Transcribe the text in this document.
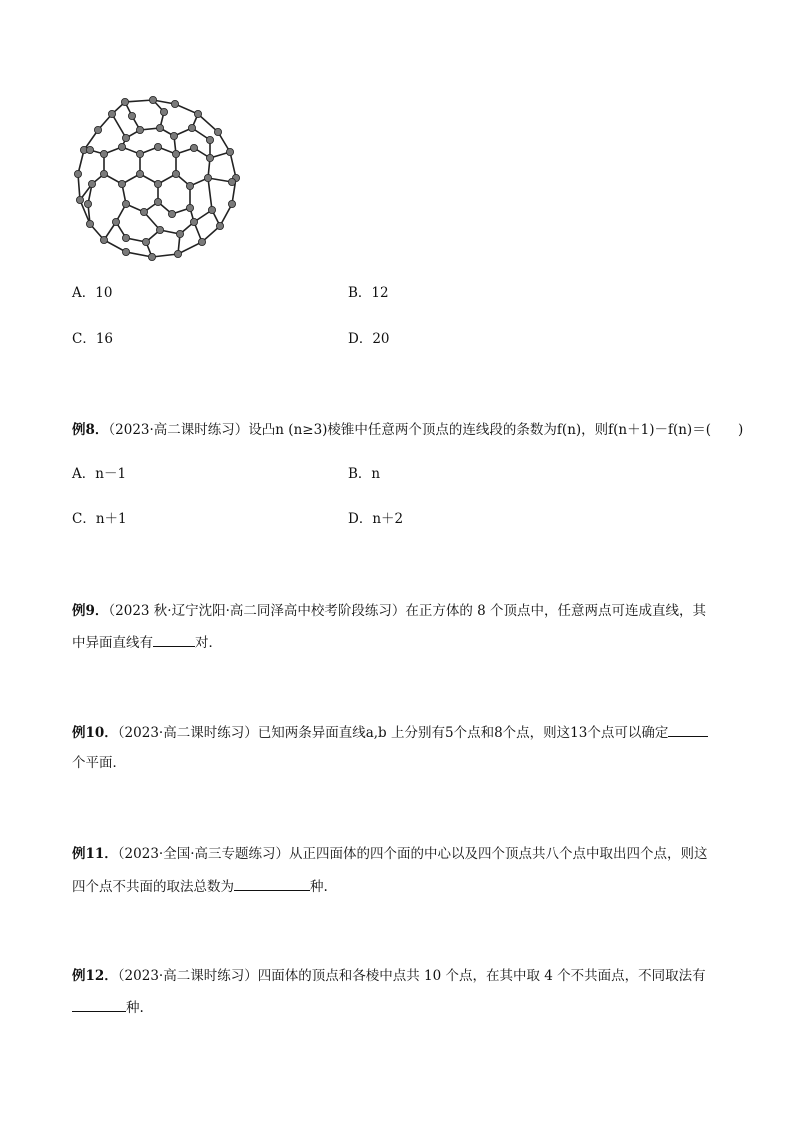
A．10	B．12
C．16	D．20
例8．（2023·高二课时练习）设凸n (n≥3)棱锥中任意两个顶点的连线段的条数为f(n)，则f(n＋1)－f(n)＝(　　)
A．n－1	B．n
C．n＋1	D．n＋2
例9．（2023 秋·辽宁沈阳·高二同泽高中校考阶段练习）在正方体的 8 个顶点中，任意两点可连成直线，其
中异面直线有	对．
例10．（2023·高二课时练习）已知两条异面直线a,b 上分别有5个点和8个点，则这13个点可以确定
个平面．
例11．（2023·全国·高三专题练习）从正四面体的四个面的中心以及四个顶点共八个点中取出四个点，则这
四个点不共面的取法总数为	种.
例12．（2023·高二课时练习）四面体的顶点和各棱中点共 10 个点，在其中取 4 个不共面点，不同取法有
种.
